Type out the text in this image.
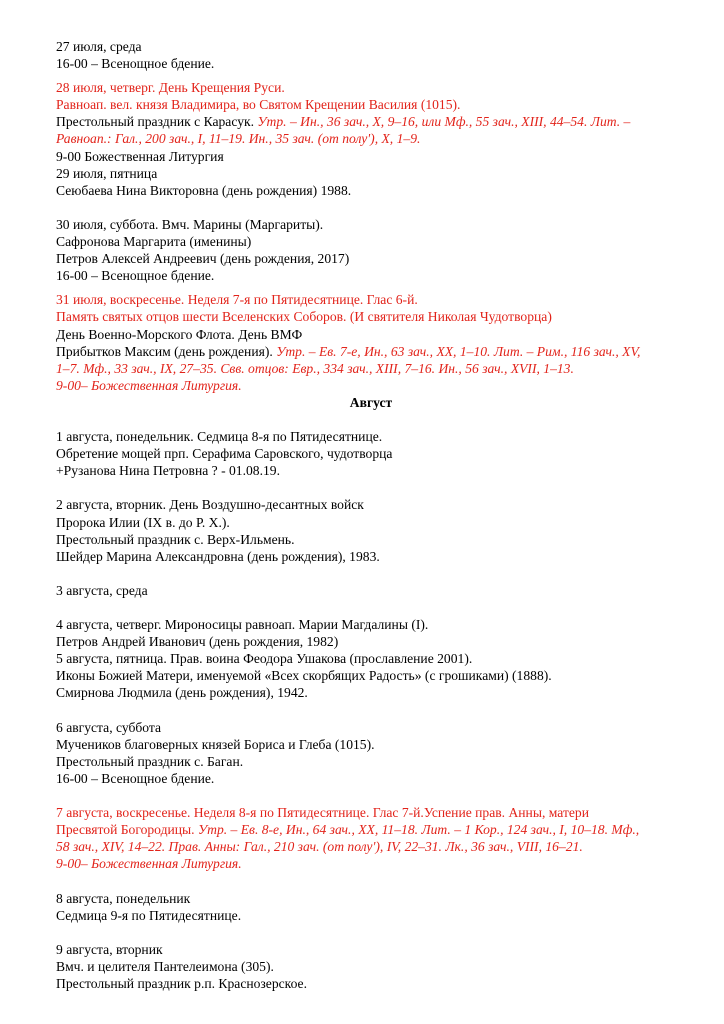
27 июля, среда
16-00 – Всенощное бдение.
28 июля, четверг. День Крещения Руси.
Равноап. вел. князя Владимира, во Святом Крещении Василия (1015).
Престольный праздник с Карасук. Утр. – Ин., 36 зач., X, 9–16, или Мф., 55 зач., XIII, 44–54. Лит. –
Равноап.: Гал., 200 зач., I, 11–19. Ин., 35 зач. (от полу'), X, 1–9.
9-00 Божественная Литургия
29 июля, пятница
Сеюбаева Нина Викторовна (день рождения) 1988.
30 июля, суббота. Вмч. Марины (Маргариты).
Сафронова Маргарита (именины)
Петров Алексей Андреевич (день рождения, 2017)
16-00 – Всенощное бдение.
31 июля, воскресенье. Неделя 7-я по Пятидесятнице. Глас 6-й.
Память святых отцов шести Вселенских Соборов. (И святителя Николая Чудотворца)
День Военно-Морского Флота. День ВМФ
Прибытков Максим (день рождения). Утр. – Ев. 7-е, Ин., 63 зач., XX, 1–10. Лит. – Рим., 116 зач., XV,
1–7. Мф., 33 зач., IX, 27–35. Свв. отцов: Евр., 334 зач., XIII, 7–16. Ин., 56 зач., XVII, 1–13.
9-00– Божественная Литургия.
Август
1 августа, понедельник. Седмица 8-я по Пятидесятнице.
Обретение мощей прп. Серафима Саровского, чудотворца
+Рузанова Нина Петровна ? - 01.08.19.
2 августа, вторник. День Воздушно-десантных войск
Пророка Илии (IX в. до Р. Х.).
Престольный праздник с. Верх-Ильмень.
Шейдер Марина Александровна (день рождения), 1983.
3 августа, среда
4 августа, четверг. Мироносицы равноап. Марии Магдалины (I).
Петров Андрей Иванович (день рождения, 1982)
5 августа, пятница. Прав. воина Феодора Ушакова (прославление 2001).
Иконы Божией Матери, именуемой «Всех скорбящих Радость» (с грошиками) (1888).
Смирнова Людмила (день рождения), 1942.
6 августа, суббота
Мучеников благоверных князей Бориса и Глеба (1015).
Престольный праздник с. Баган.
16-00 – Всенощное бдение.
7 августа, воскресенье. Неделя 8-я по Пятидесятнице. Глас 7-й.Успение прав. Анны, матери
Пресвятой Богородицы. Утр. – Ев. 8-е, Ин., 64 зач., XX, 11–18. Лит. – 1 Кор., 124 зач., I, 10–18. Мф.,
58 зач., XIV, 14–22. Прав. Анны: Гал., 210 зач. (от полу'), IV, 22–31. Лк., 36 зач., VIII, 16–21.
9-00– Божественная Литургия.
8 августа, понедельник
Седмица 9-я по Пятидесятнице.
9 августа, вторник
Вмч. и целителя Пантелеимона (305).
Престольный праздник р.п. Краснозерское.
